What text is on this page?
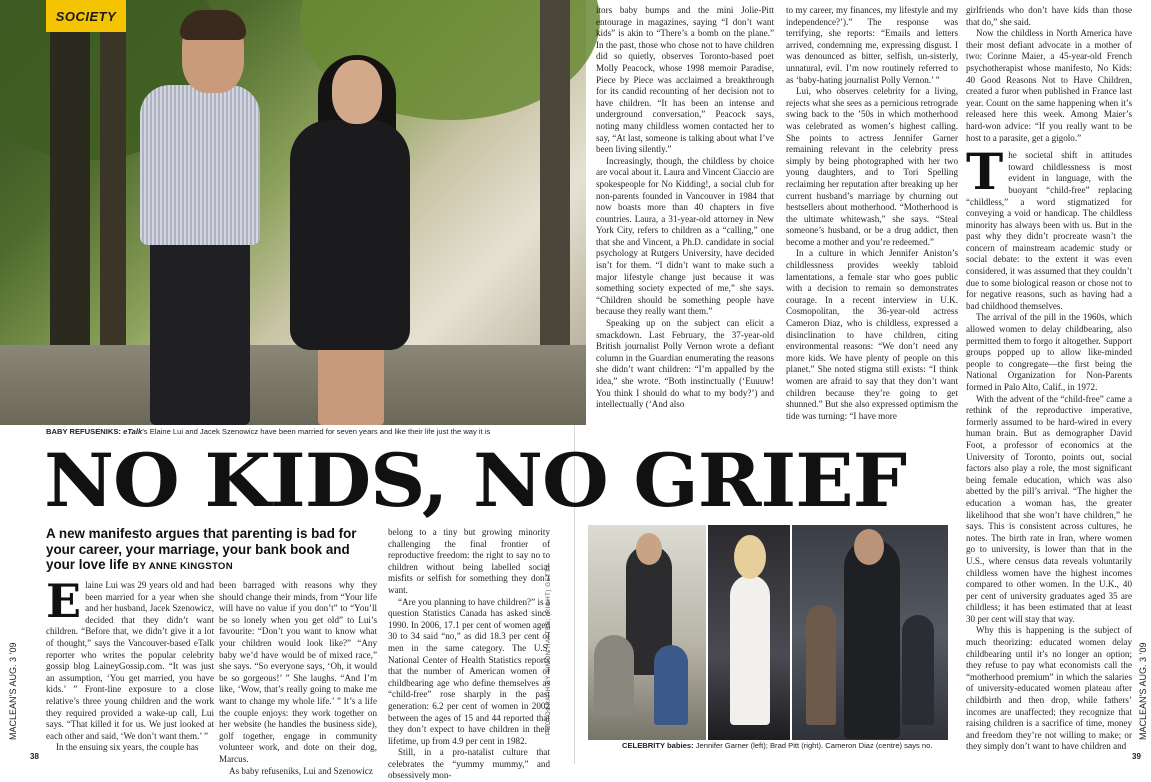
SOCIETY
BABY REFUSENIKS: eTalk’s Elaine Lui and Jacek Szenowicz have been married for seven years and like their life just the way it is

itors baby bumps and the mini Jolie-Pitt entourage in magazines, saying “I don’t want kids” is akin to “There’s a bomb on the plane.” In the past, those who chose not to have children did so quietly, observes Toronto-based poet Molly Peacock, whose 1998 memoir Paradise, Piece by Piece was acclaimed a breakthrough for its candid recounting of her decision not to have children. “It has been an intense and underground conversation,” Peacock says, noting many childless women contacted her to say, “At last, someone is talking about what I’ve been living silently.”

Increasingly, though, the childless by choice are vocal about it. Laura and Vincent Ciaccio are spokespeople for No Kidding!, a social club for non-parents founded in Vancouver in 1984 that now boasts more than 40 chapters in five countries. Laura, a 31-year-old attorney in New York City, refers to children as a “calling,” one that she and Vincent, a Ph.D. candidate in social psychology at Rutgers University, have decided isn’t for them. “I didn’t want to make such a major lifestyle change just because it was something society expected of me,” she says. “Children should be something people have because they really want them.”

Speaking up on the subject can elicit a smackdown. Last February, the 37-year-old British journalist Polly Vernon wrote a defiant column in the Guardian enumerating the reasons she didn’t want children: “I’m appalled by the idea,” she wrote. “Both instinctually (‘Euuuw! You think I should do what to my body?’) and intellectually (‘And also

to my career, my finances, my lifestyle and my independence?’).” The response was terrifying, she reports: “Emails and letters arrived, condemning me, expressing disgust. I was denounced as bitter, selfish, un-sisterly, unnatural, evil. I’m now routinely referred to as ‘baby-hating journalist Polly Vernon.’ ”

Lui, who observes celebrity for a living, rejects what she sees as a pernicious retrograde swing back to the ’50s in which motherhood was celebrated as women’s highest calling. She points to actress Jennifer Garner remaining relevant in the celebrity press simply by being photographed with her two young daughters, and to Tori Spelling reclaiming her reputation after breaking up her current husband’s marriage by churning out bestsellers about motherhood. “Motherhood is the ultimate whitewash,” she says. “Steal someone’s husband, or be a drug addict, then become a mother and you’re redeemed.”

In a culture in which Jennifer Aniston’s childlessness provides weekly tabloid lamentations, a female star who goes public with a decision to remain so demonstrates courage. In a recent interview in U.K. Cosmopolitan, the 36-year-old actress Cameron Diaz, who is childless, expressed a disinclination to have children, citing environmental reasons: “We don’t need any more kids. We have plenty of people on this planet.” She noted stigma still exists: “I think women are afraid to say that they don’t want children because they’re going to get shunned.” But she also expressed optimism the tide was turning: “I have more

girlfriends who don’t have kids than those that do,” she said.

Now the childless in North America have their most defiant advocate in a mother of two: Corinne Maier, a 45-year-old French psychotherapist whose manifesto, No Kids: 40 Good Reasons Not to Have Children, created a furor when published in France last year. Count on the same happening when it’s released here this week. Among Maier’s hard-won advice: “If you really want to be host to a parasite, get a gigolo.”

The societal shift in attitudes toward childlessness is most evident in language, with the buoyant “child-free” replacing “childless,” a word stigmatized for conveying a void or handicap. The childless minority has always been with us. But in the past why they didn’t procreate wasn’t the concern of mainstream academic study or social debate: to the extent it was even considered, it was assumed that they couldn’t due to some biological reason or chose not to for negative reasons, such as having had a bad childhood themselves.

The arrival of the pill in the 1960s, which allowed women to delay childbearing, also permitted them to forgo it altogether. Support groups popped up to allow like-minded people to congregate—the first being the National Organization for Non-Parents formed in Palo Alto, Calif., in 1972.

With the advent of the “child-free” came a rethink of the reproductive imperative, formerly assumed to be hard-wired in every human brain. But as demographer David Foot, a professor of economics at the University of Toronto, points out, social factors also play a role, the most significant being female education, which was also abetted by the pill’s arrival. “The higher the education a woman has, the greater likelihood that she won’t have children,” he says. This is consistent across cultures, he notes. The birth rate in Iran, where women go to university, is lower than that in the U.S., where census data reveals voluntarily childless women have the highest incomes compared to other women. In the U.K., 40 per cent of university graduates aged 35 are childless; it has been estimated that at least 30 per cent will stay that way.

Why this is happening is the subject of much theorizing: educated women delay childbearing until it’s no longer an option; they refuse to pay what economists call the “motherhood premium” in which the salaries of university-educated women plateau after childbirth and then drop, while fathers’ incomes are unaffected; they recognize that raising children is a sacrifice of time, money and freedom they’re not willing to make; or they simply don’t want to have children and

NO KIDS, NO GRIEF
A new manifesto argues that parenting is bad for your career, your marriage, your bank book and your love life BY ANNE KINGSTON

Elaine Lui was 29 years old and had been married for a year when she and her husband, Jacek Szenowicz, decided that they didn’t want children. “Before that, we didn’t give it a lot of thought,” says the Vancouver-based eTalk reporter who writes the popular celebrity gossip blog LaineyGossip.com. “It was just an assumption, ‘You get married, you have kids.’ ” Front-line exposure to a close relative’s three young children and the work they required provided a wake-up call, Lui says. “That killed it for us. We just looked at each other and said, ‘We don’t want them.’ ”

In the ensuing six years, the couple has

been barraged with reasons why they should change their minds, from “Your life will have no value if you don’t” to “You’ll be so lonely when you get old” to Lui’s favourite: “Don’t you want to know what your children would look like?” “Any baby we’d have would be of mixed race,” she says. “So everyone says, ‘Oh, it would be so gorgeous!’ ” She laughs. “And I’m like, ‘Wow, that’s really going to make me want to change my whole life.’ ” It’s a life the couple enjoys: they work together on her website (he handles the business side), golf together, engage in community volunteer work, and dote on their dog, Marcus.

As baby refuseniks, Lui and Szenowicz

belong to a tiny but growing minority challenging the final frontier of reproductive freedom: the right to say no to children without being labelled social misfits or selfish for something they don’t want.

“Are you planning to have children?” is a question Statistics Canada has asked since 1990. In 2006, 17.1 per cent of women aged 30 to 34 said “no,” as did 18.3 per cent of men in the same category. The U.S. National Center of Health Statistics reports that the number of American women of childbearing age who define themselves as “child-free” rose sharply in the past generation: 6.2 per cent of women in 2002 between the ages of 15 and 44 reported that they don’t expect to have children in their lifetime, up from 4.9 per cent in 1982.

Still, in a pro-natalist culture that celebrates the “yummy mummy,” and obsessively mon-

PHOTOGRAPH BY SIMON HAYTER; (RIGHT) GETTY
CELEBRITY babies: Jennifer Garner (left); Brad Pitt (right). Cameron Diaz (centre) says no.
38	39
MACLEAN’S AUG. 3 ’09	MACLEAN’S AUG. 3 ’09
